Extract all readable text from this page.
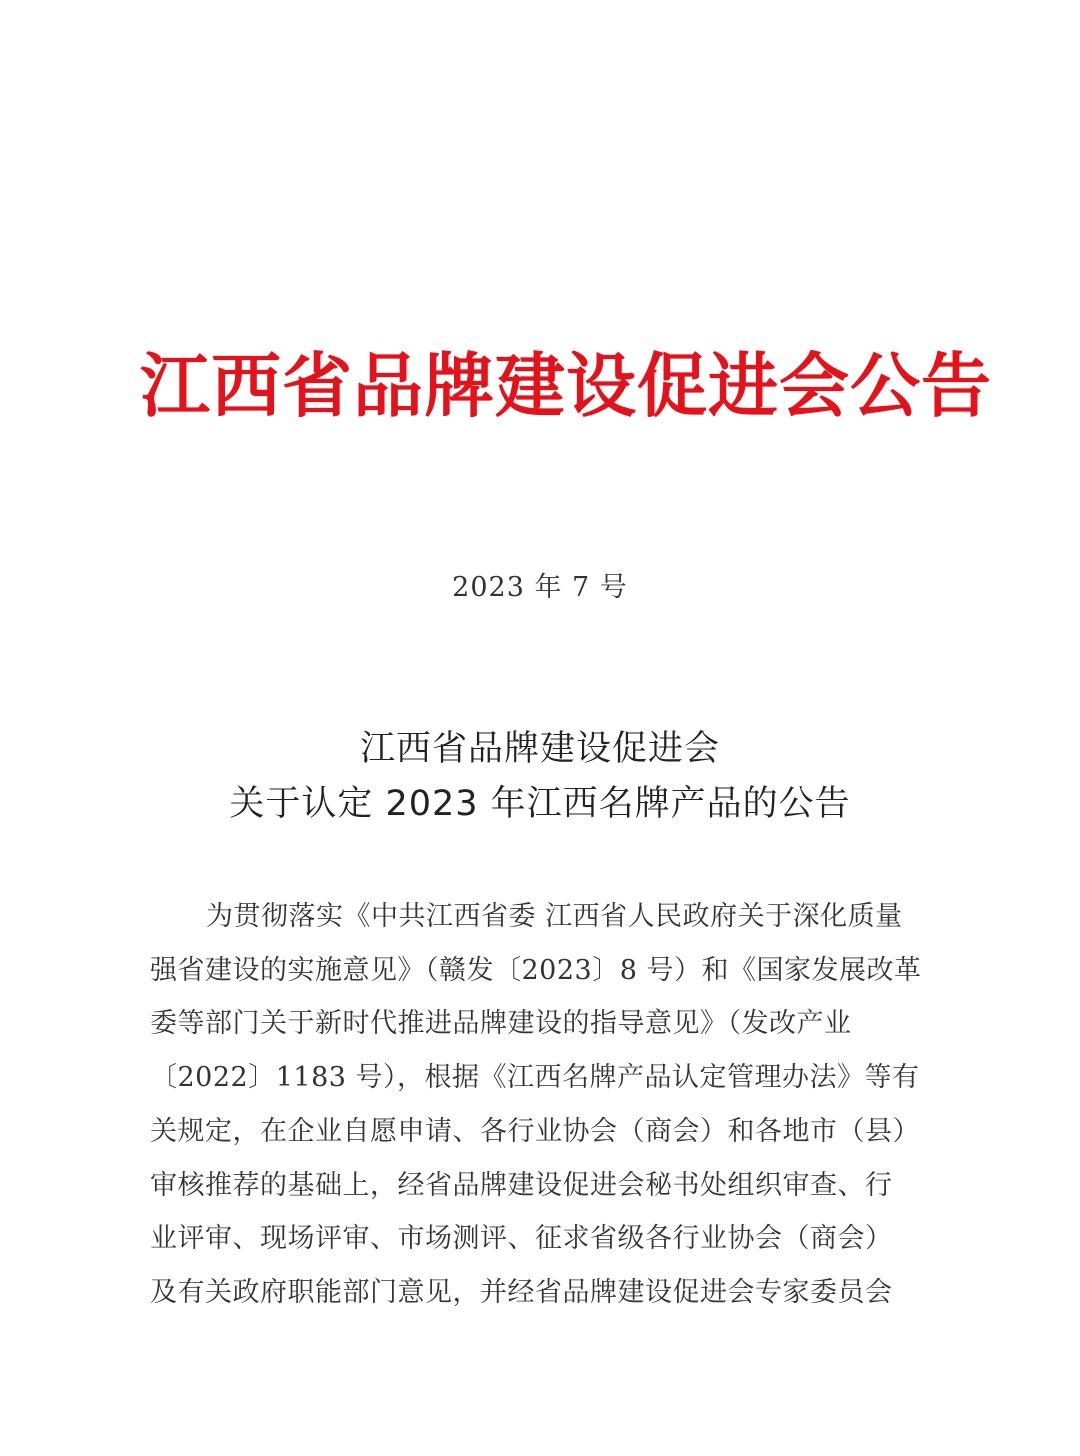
江西省品牌建设促进会公告
2023 年 7 号
江西省品牌建设促进会
关于认定 2023 年江西名牌产品的公告
为贯彻落实《中共江西省委 江西省人民政府关于深化质量
强省建设的实施意见》（赣发〔2023〕8 号）和《国家发展改革
委等部门关于新时代推进品牌建设的指导意见》（发改产业
〔2022〕1183 号），根据《江西名牌产品认定管理办法》等有
关规定，在企业自愿申请、各行业协会（商会）和各地市（县）
审核推荐的基础上，经省品牌建设促进会秘书处组织审查、行
业评审、现场评审、市场测评、征求省级各行业协会（商会）
及有关政府职能部门意见，并经省品牌建设促进会专家委员会
